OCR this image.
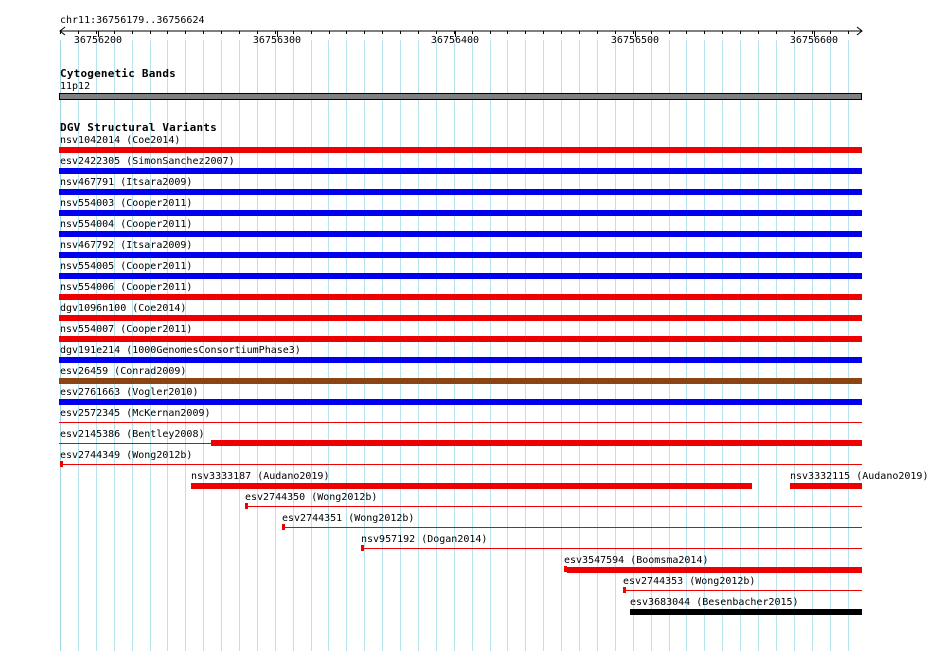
chr11:36756179..36756624
36756200	36756300	36756400	36756500	36756600
Cytogenetic Bands
11p12
DGV Structural Variants
nsv1042014 (Coe2014)
esv2422305 (SimonSanchez2007)
nsv467791 (Itsara2009)
nsv554003 (Cooper2011)
nsv554004 (Cooper2011)
nsv467792 (Itsara2009)
nsv554005 (Cooper2011)
nsv554006 (Cooper2011)
dgv1096n100 (Coe2014)
nsv554007 (Cooper2011)
dgv191e214 (1000GenomesConsortiumPhase3)
esv26459 (Conrad2009)
esv2761663 (Vogler2010)
esv2572345 (McKernan2009)
esv2145386 (Bentley2008)
esv2744349 (Wong2012b)
nsv3333187 (Audano2019)	nsv3332115 (Audano2019)
esv2744350 (Wong2012b)
esv2744351 (Wong2012b)
nsv957192 (Dogan2014)
esv3547594 (Boomsma2014)
esv2744353 (Wong2012b)
esv3683044 (Besenbacher2015)
